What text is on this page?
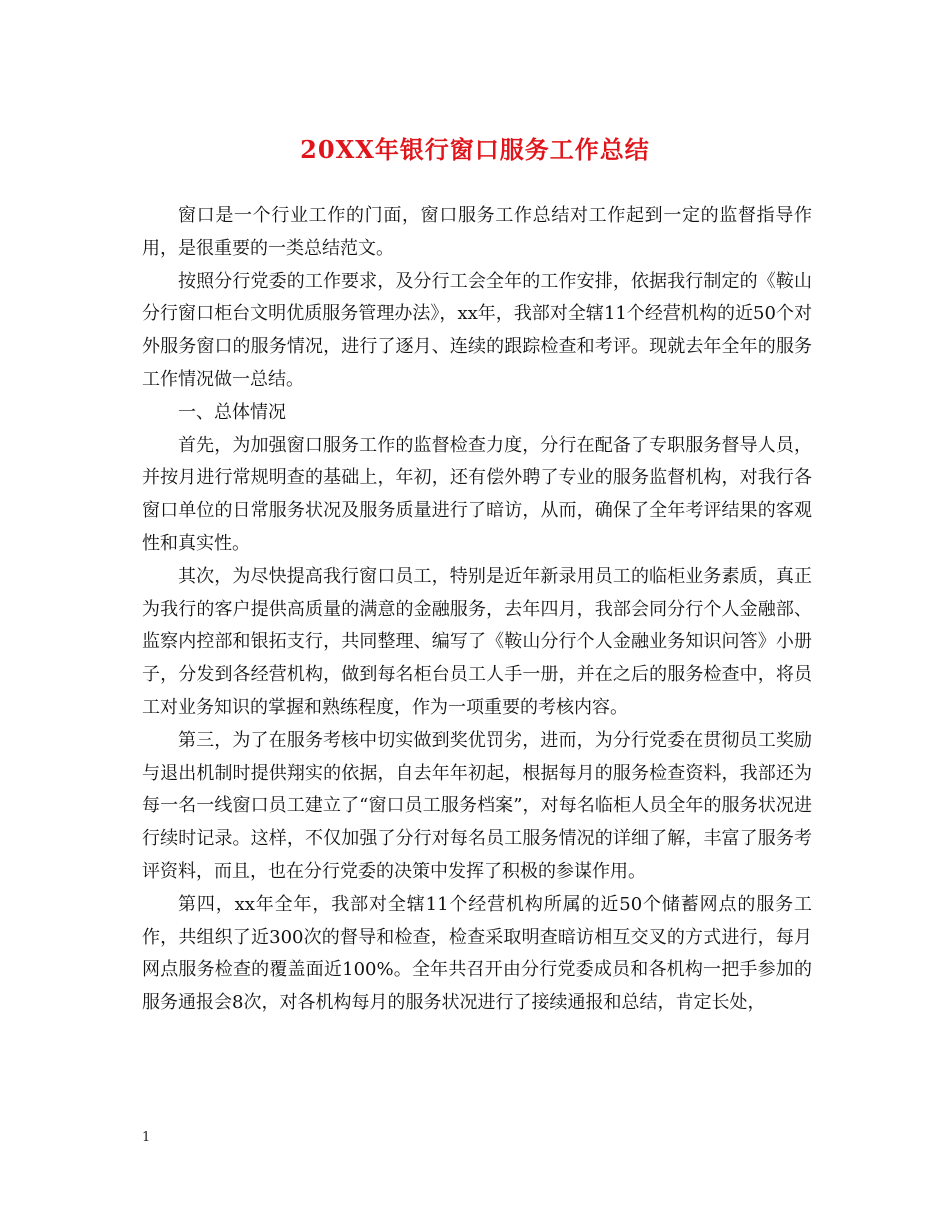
20XX年银行窗口服务工作总结

窗口是一个行业工作的门面，窗口服务工作总结对工作起到一定的监督指导作用，是很重要的一类总结范文。

按照分行党委的工作要求，及分行工会全年的工作安排，依据我行制定的《鞍山分行窗口柜台文明优质服务管理办法》，xx年，我部对全辖11个经营机构的近50个对外服务窗口的服务情况，进行了逐月、连续的跟踪检查和考评。现就去年全年的服务工作情况做一总结。

一、总体情况

首先，为加强窗口服务工作的监督检查力度，分行在配备了专职服务督导人员，并按月进行常规明查的基础上，年初，还有偿外聘了专业的服务监督机构，对我行各窗口单位的日常服务状况及服务质量进行了暗访，从而，确保了全年考评结果的客观性和真实性。

其次，为尽快提高我行窗口员工，特别是近年新录用员工的临柜业务素质，真正为我行的客户提供高质量的满意的金融服务，去年四月，我部会同分行个人金融部、监察内控部和银拓支行，共同整理、编写了《鞍山分行个人金融业务知识问答》小册子，分发到各经营机构，做到每名柜台员工人手一册，并在之后的服务检查中，将员工对业务知识的掌握和熟练程度，作为一项重要的考核内容。

第三，为了在服务考核中切实做到奖优罚劣，进而，为分行党委在贯彻员工奖励与退出机制时提供翔实的依据，自去年年初起，根据每月的服务检查资料，我部还为每一名一线窗口员工建立了“窗口员工服务档案”，对每名临柜人员全年的服务状况进行续时记录。这样，不仅加强了分行对每名员工服务情况的详细了解，丰富了服务考评资料，而且，也在分行党委的决策中发挥了积极的参谋作用。

第四，xx年全年，我部对全辖11个经营机构所属的近50个储蓄网点的服务工作，共组织了近300次的督导和检查，检查采取明查暗访相互交叉的方式进行，每月网点服务检查的覆盖面近100%。全年共召开由分行党委成员和各机构一把手参加的服务通报会8次，对各机构每月的服务状况进行了接续通报和总结，肯定长处，

1
